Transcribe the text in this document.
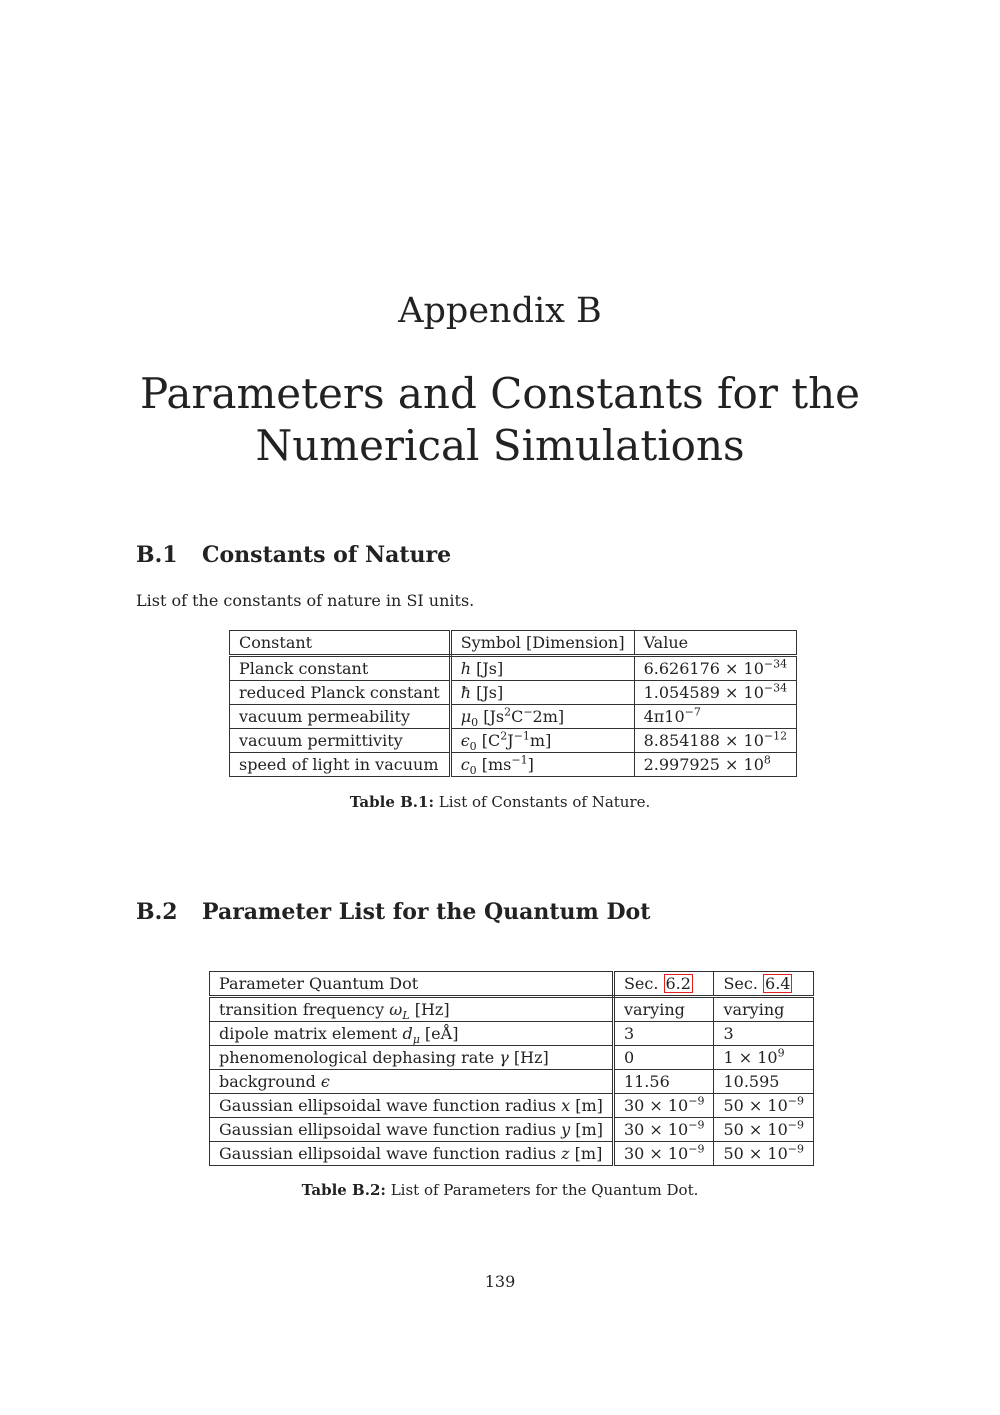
Appendix B
Parameters and Constants for the
Numerical Simulations
B.1 Constants of Nature
List of the constants of nature in SI units.
Constant	Symbol [Dimension]	Value
Planck constant	h [Js]	$6.626176 \times 10^{-34}$
reduced Planck constant	ħ [Js]	$1.054589 \times 10^{-34}$
vacuum permeability	$\mu_0$ [Js$^2$C−2m]	$4\pi 10^{-7}$
vacuum permittivity	$\epsilon_0$ $[C^2J^{-1}m]$	$8.854188 \times 10^{-12}$
speed of light in vacuum	$c_0$ $[ms^{-1}]$	$2.997925 \times 10^8$
Table B.1: List of Constants of Nature.
B.2 Parameter List for the Quantum Dot
Parameter Quantum Dot	Sec. 6.2	Sec. 6.4
transition frequency $\omega_L$ [Hz]	varying	varying
dipole matrix element $d_\mu$ [eÅ]	3	3
phenomenological dephasing rate γ [Hz]	0	$1 \times 10^9$
background ϵ	11.56	10.595
Gaussian ellipsoidal wave function radius x [m]	$30 \times 10^{-9}$	$50 \times 10^{-9}$
Gaussian ellipsoidal wave function radius y [m]	$30 \times 10^{-9}$	$50 \times 10^{-9}$
Gaussian ellipsoidal wave function radius z [m]	$30 \times 10^{-9}$	$50 \times 10^{-9}$
Table B.2: List of Parameters for the Quantum Dot.
139
